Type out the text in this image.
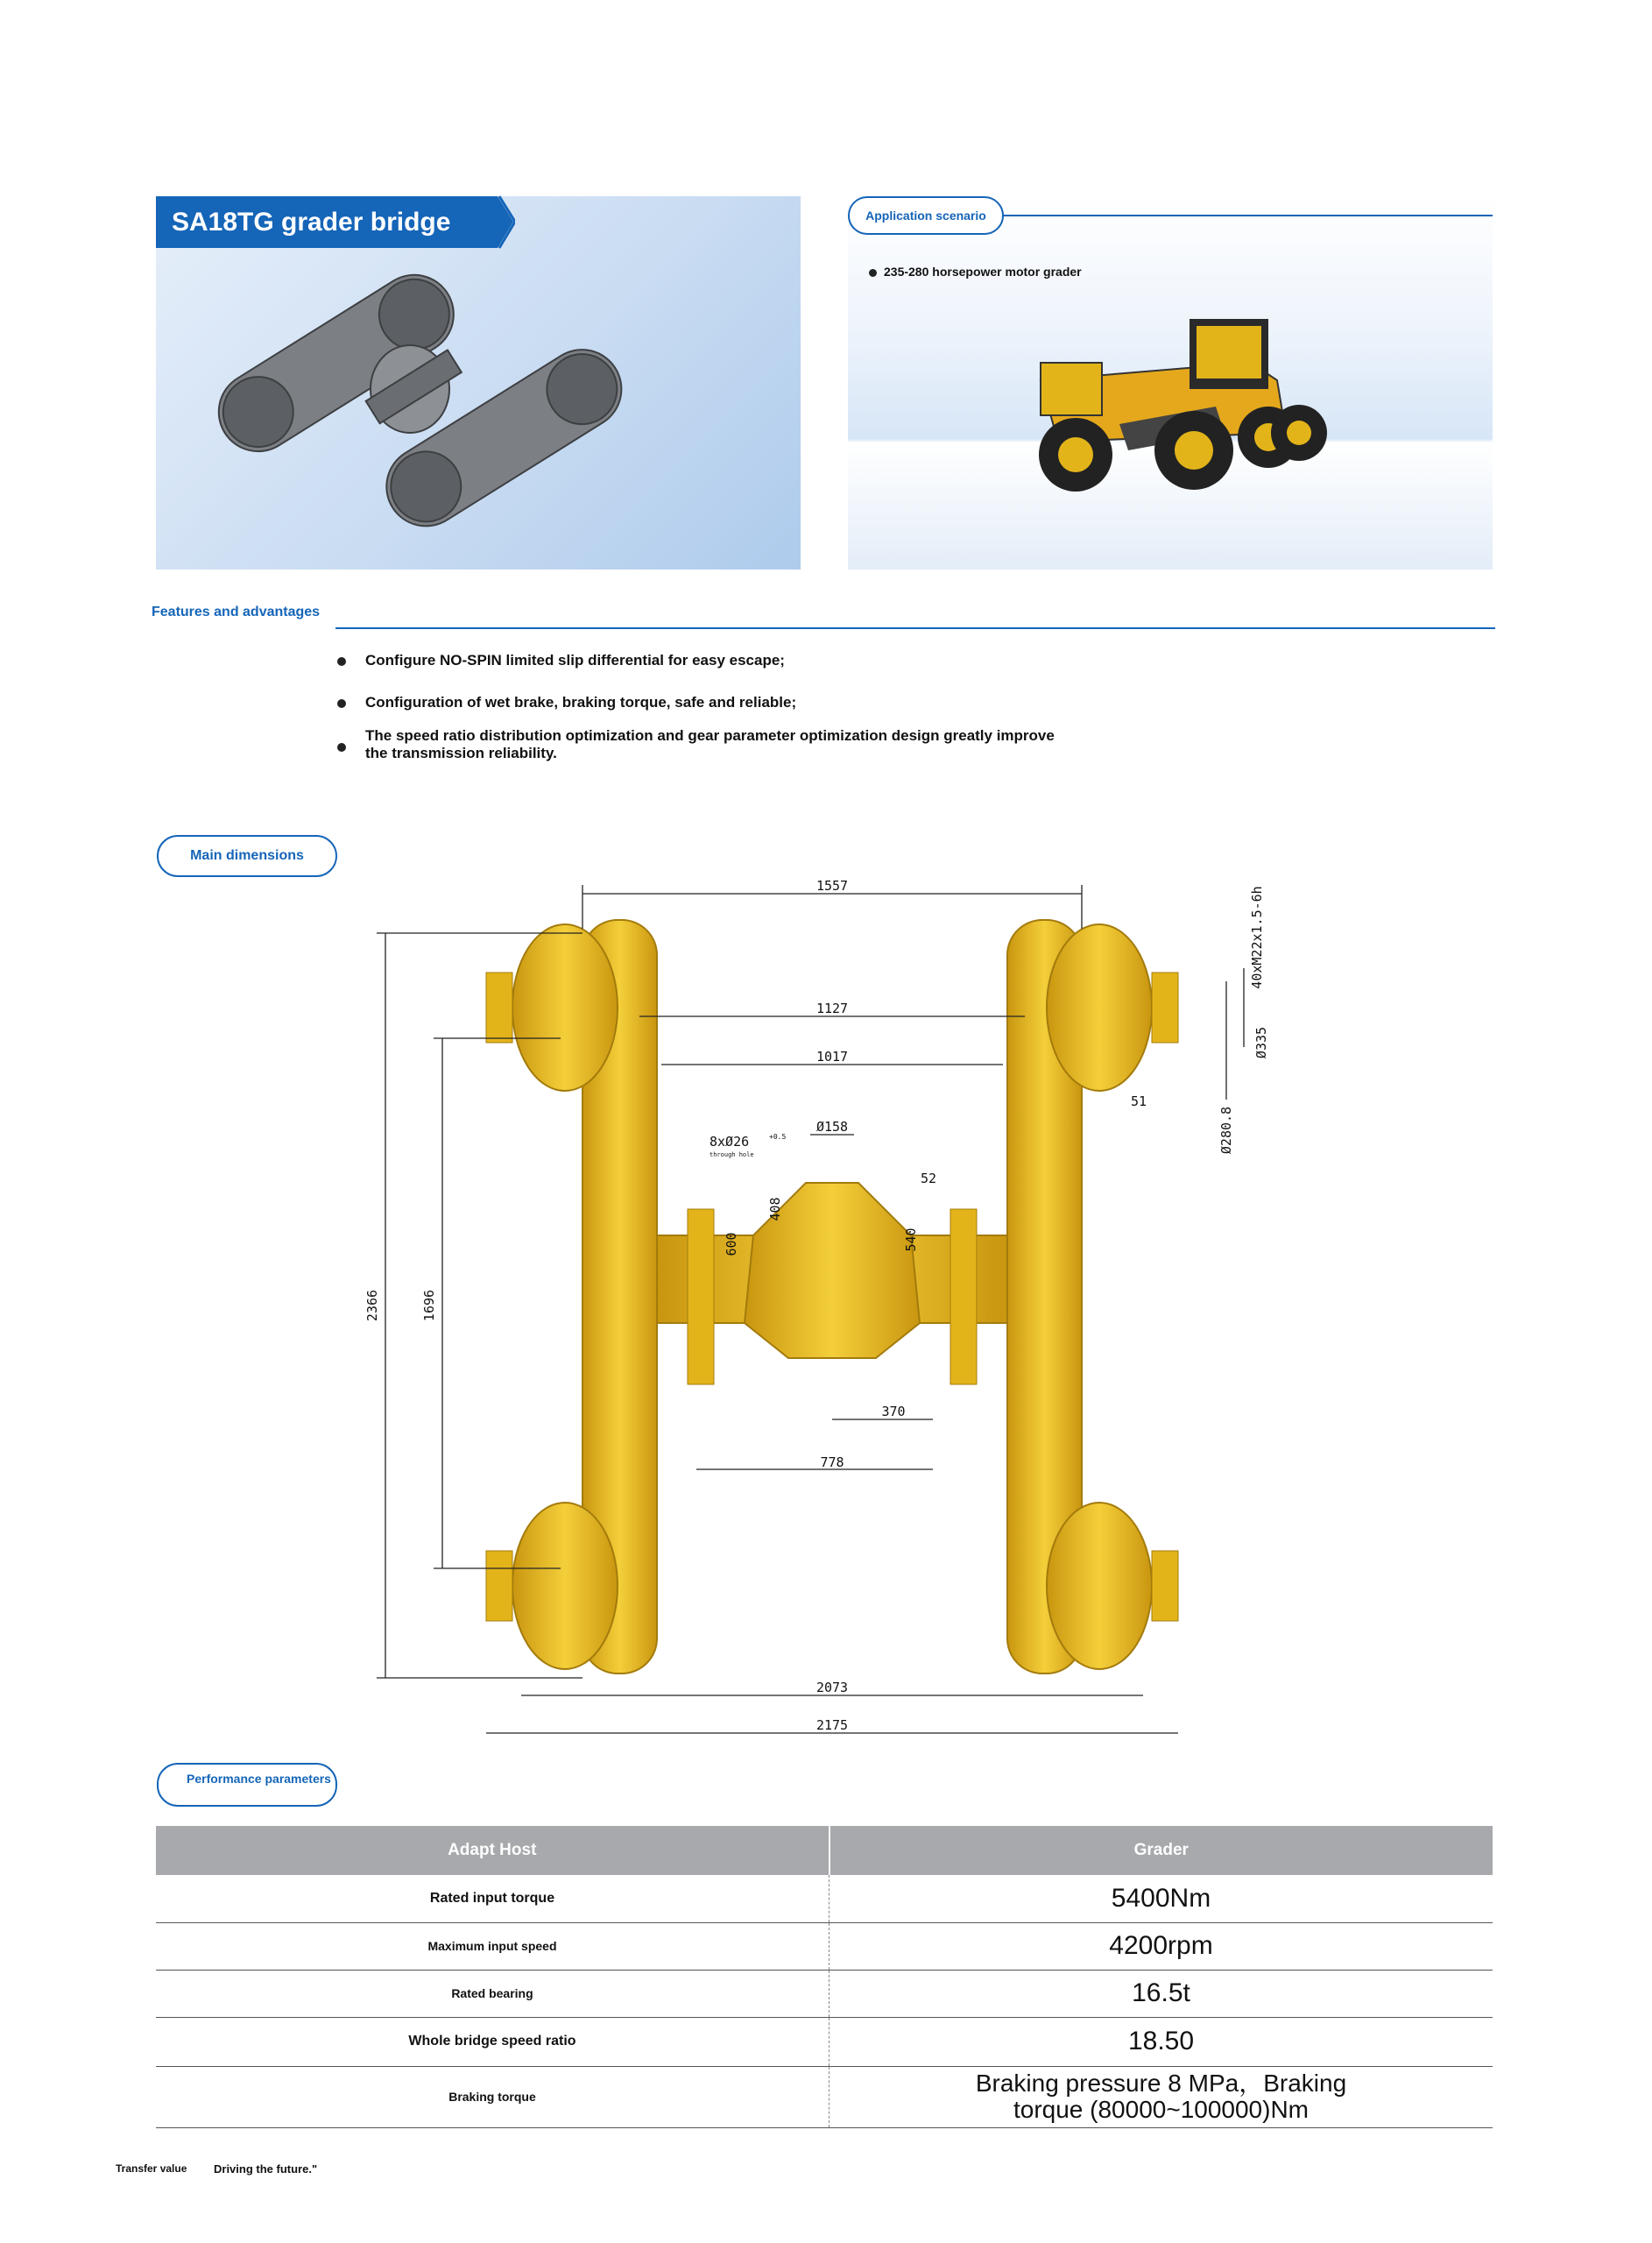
SA18TG grader bridge	Application scenario
235-280 horsepower motor grader
Features and advantages
Configure NO-SPIN limited slip differential for easy escape;
Configuration of wet brake, braking torque, safe and reliable;
The speed ratio distribution optimization and gear parameter optimization design greatly improve the transmission reliability.
Main dimensions
1557
1127
1017
Ø158
52
370
778
2073
2175
51
2366	1696
408
600	540
40xM22x1.5-6h
Ø335
Ø280.8
8xØ26	+0.5
through hole
Performance parameters
Adapt Host	Grader
Rated input torque	5400Nm
Maximum input speed	4200rpm
Rated bearing	16.5t
Whole bridge speed ratio	18.50
Braking torque	Braking pressure 8 MPa，Braking torque (80000~100000)Nm
Transfer value Driving the future."
